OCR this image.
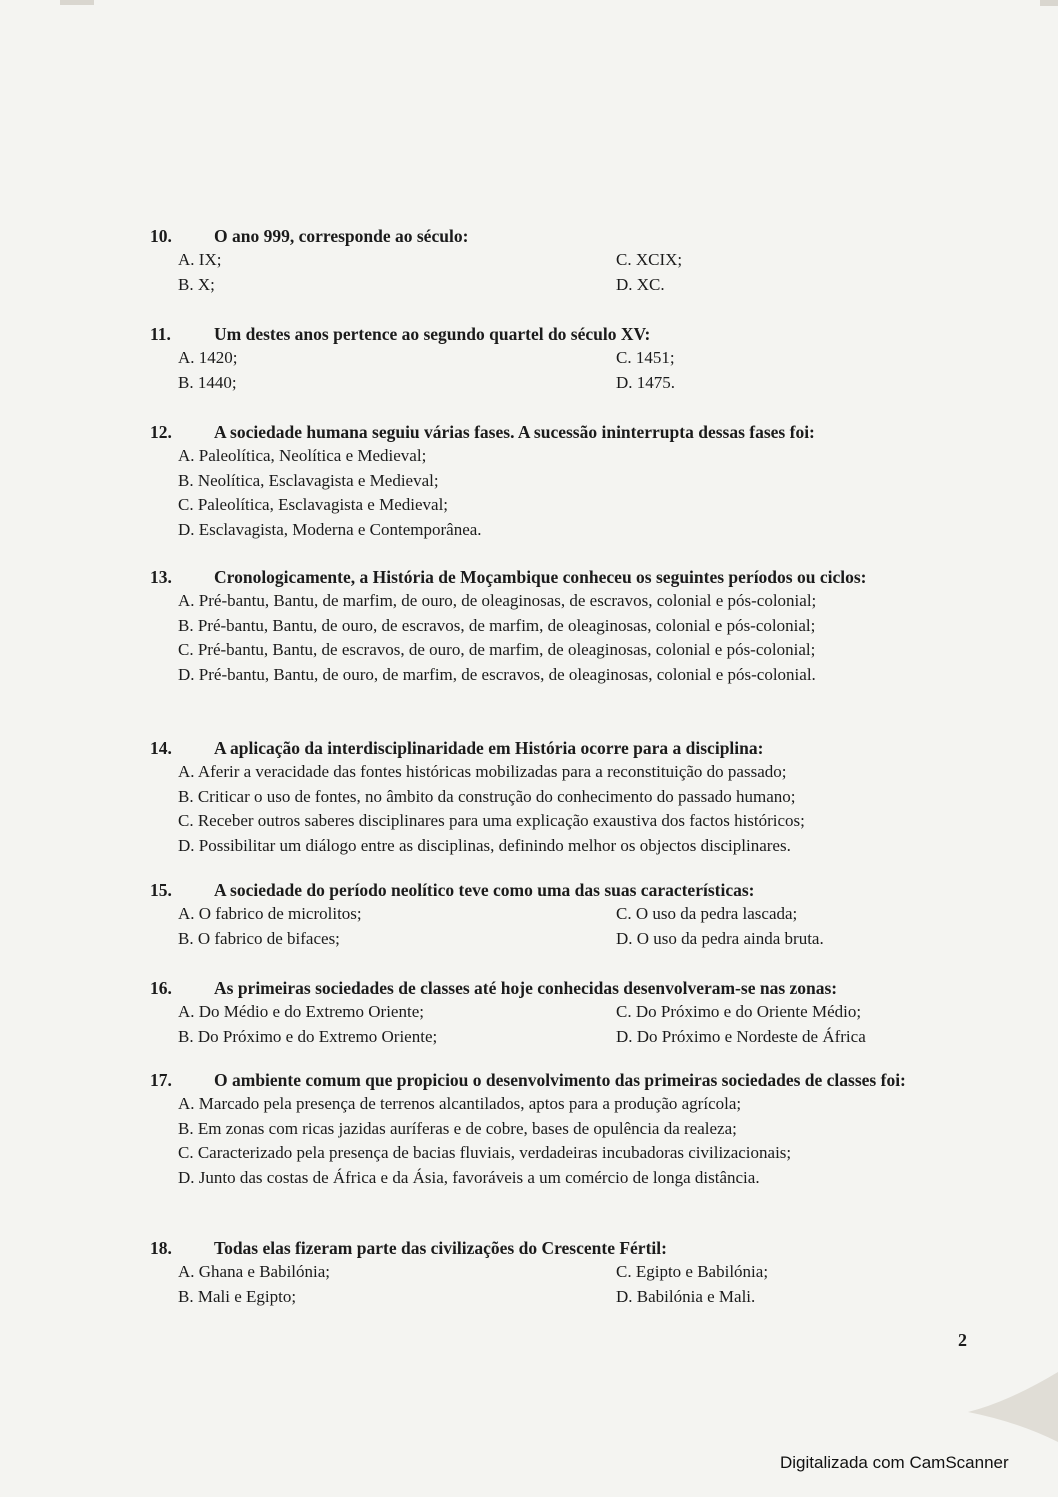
10.	O ano 999, corresponde ao século:
A. IX;	C. XCIX;
B. X;	D. XC.
11.	Um destes anos pertence ao segundo quartel do século XV:
A. 1420;	C. 1451;
B. 1440;	D. 1475.
12.	A sociedade humana seguiu várias fases. A sucessão ininterrupta dessas fases foi:
A. Paleolítica, Neolítica e Medieval;
B. Neolítica, Esclavagista e Medieval;
C. Paleolítica, Esclavagista e Medieval;
D. Esclavagista, Moderna e Contemporânea.
13.	Cronologicamente, a História de Moçambique conheceu os seguintes períodos ou ciclos:
A. Pré-bantu, Bantu, de marfim, de ouro, de oleaginosas, de escravos, colonial e pós-colonial;
B. Pré-bantu, Bantu, de ouro, de escravos, de marfim, de oleaginosas, colonial e pós-colonial;
C. Pré-bantu, Bantu, de escravos, de ouro, de marfim, de oleaginosas, colonial e pós-colonial;
D. Pré-bantu, Bantu, de ouro, de marfim, de escravos, de oleaginosas, colonial e pós-colonial.
14.	A aplicação da interdisciplinaridade em História ocorre para a disciplina:
A. Aferir a veracidade das fontes históricas mobilizadas para a reconstituição do passado;
B. Criticar o uso de fontes, no âmbito da construção do conhecimento do passado humano;
C. Receber outros saberes disciplinares para uma explicação exaustiva dos factos históricos;
D. Possibilitar um diálogo entre as disciplinas, definindo melhor os objectos disciplinares.
15.	A sociedade do período neolítico teve como uma das suas características:
A. O fabrico de microlitos;	C. O uso da pedra lascada;
B. O fabrico de bifaces;	D. O uso da pedra ainda bruta.
16.	As primeiras sociedades de classes até hoje conhecidas desenvolveram-se nas zonas:
A. Do Médio e do Extremo Oriente;	C. Do Próximo e do Oriente Médio;
B. Do Próximo e do Extremo Oriente;	D. Do Próximo e Nordeste de África
17.	O ambiente comum que propiciou o desenvolvimento das primeiras sociedades de classes foi:
A. Marcado pela presença de terrenos alcantilados, aptos para a produção agrícola;
B. Em zonas com ricas jazidas auríferas e de cobre, bases de opulência da realeza;
C. Caracterizado pela presença de bacias fluviais, verdadeiras incubadoras civilizacionais;
D. Junto das costas de África e da Ásia, favoráveis a um comércio de longa distância.
18.	Todas elas fizeram parte das civilizações do Crescente Fértil:
A. Ghana e Babilónia;	C. Egipto e Babilónia;
B. Mali e Egipto;	D. Babilónia e Mali.
2
Digitalizada com CamScanner
